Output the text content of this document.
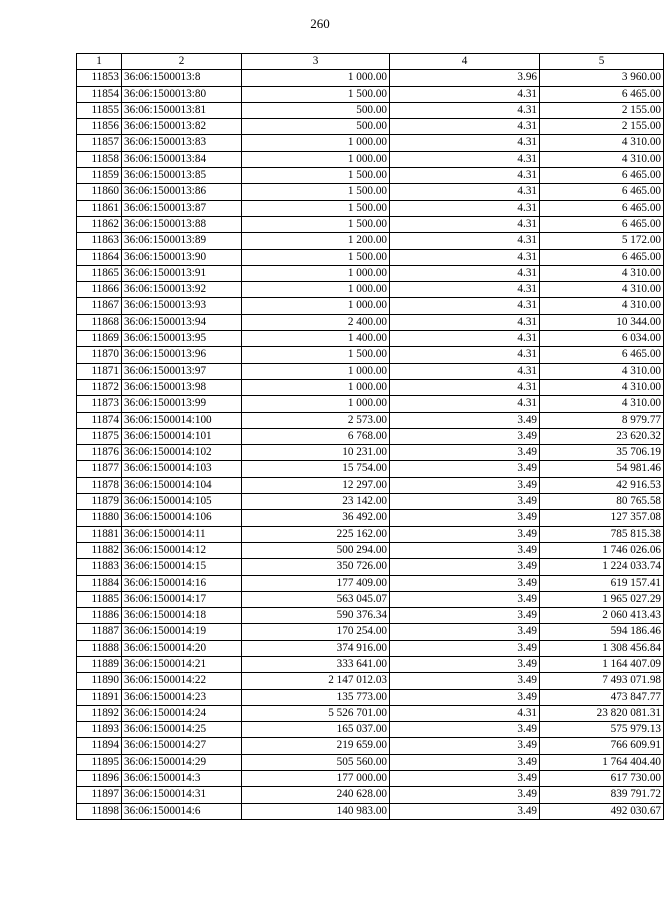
260
1	2	3	4	5
11853	36:06:1500013:8	1 000.00	3.96	3 960.00
11854	36:06:1500013:80	1 500.00	4.31	6 465.00
11855	36:06:1500013:81	500.00	4.31	2 155.00
11856	36:06:1500013:82	500.00	4.31	2 155.00
11857	36:06:1500013:83	1 000.00	4.31	4 310.00
11858	36:06:1500013:84	1 000.00	4.31	4 310.00
11859	36:06:1500013:85	1 500.00	4.31	6 465.00
11860	36:06:1500013:86	1 500.00	4.31	6 465.00
11861	36:06:1500013:87	1 500.00	4.31	6 465.00
11862	36:06:1500013:88	1 500.00	4.31	6 465.00
11863	36:06:1500013:89	1 200.00	4.31	5 172.00
11864	36:06:1500013:90	1 500.00	4.31	6 465.00
11865	36:06:1500013:91	1 000.00	4.31	4 310.00
11866	36:06:1500013:92	1 000.00	4.31	4 310.00
11867	36:06:1500013:93	1 000.00	4.31	4 310.00
11868	36:06:1500013:94	2 400.00	4.31	10 344.00
11869	36:06:1500013:95	1 400.00	4.31	6 034.00
11870	36:06:1500013:96	1 500.00	4.31	6 465.00
11871	36:06:1500013:97	1 000.00	4.31	4 310.00
11872	36:06:1500013:98	1 000.00	4.31	4 310.00
11873	36:06:1500013:99	1 000.00	4.31	4 310.00
11874	36:06:1500014:100	2 573.00	3.49	8 979.77
11875	36:06:1500014:101	6 768.00	3.49	23 620.32
11876	36:06:1500014:102	10 231.00	3.49	35 706.19
11877	36:06:1500014:103	15 754.00	3.49	54 981.46
11878	36:06:1500014:104	12 297.00	3.49	42 916.53
11879	36:06:1500014:105	23 142.00	3.49	80 765.58
11880	36:06:1500014:106	36 492.00	3.49	127 357.08
11881	36:06:1500014:11	225 162.00	3.49	785 815.38
11882	36:06:1500014:12	500 294.00	3.49	1 746 026.06
11883	36:06:1500014:15	350 726.00	3.49	1 224 033.74
11884	36:06:1500014:16	177 409.00	3.49	619 157.41
11885	36:06:1500014:17	563 045.07	3.49	1 965 027.29
11886	36:06:1500014:18	590 376.34	3.49	2 060 413.43
11887	36:06:1500014:19	170 254.00	3.49	594 186.46
11888	36:06:1500014:20	374 916.00	3.49	1 308 456.84
11889	36:06:1500014:21	333 641.00	3.49	1 164 407.09
11890	36:06:1500014:22	2 147 012.03	3.49	7 493 071.98
11891	36:06:1500014:23	135 773.00	3.49	473 847.77
11892	36:06:1500014:24	5 526 701.00	4.31	23 820 081.31
11893	36:06:1500014:25	165 037.00	3.49	575 979.13
11894	36:06:1500014:27	219 659.00	3.49	766 609.91
11895	36:06:1500014:29	505 560.00	3.49	1 764 404.40
11896	36:06:1500014:3	177 000.00	3.49	617 730.00
11897	36:06:1500014:31	240 628.00	3.49	839 791.72
11898	36:06:1500014:6	140 983.00	3.49	492 030.67
